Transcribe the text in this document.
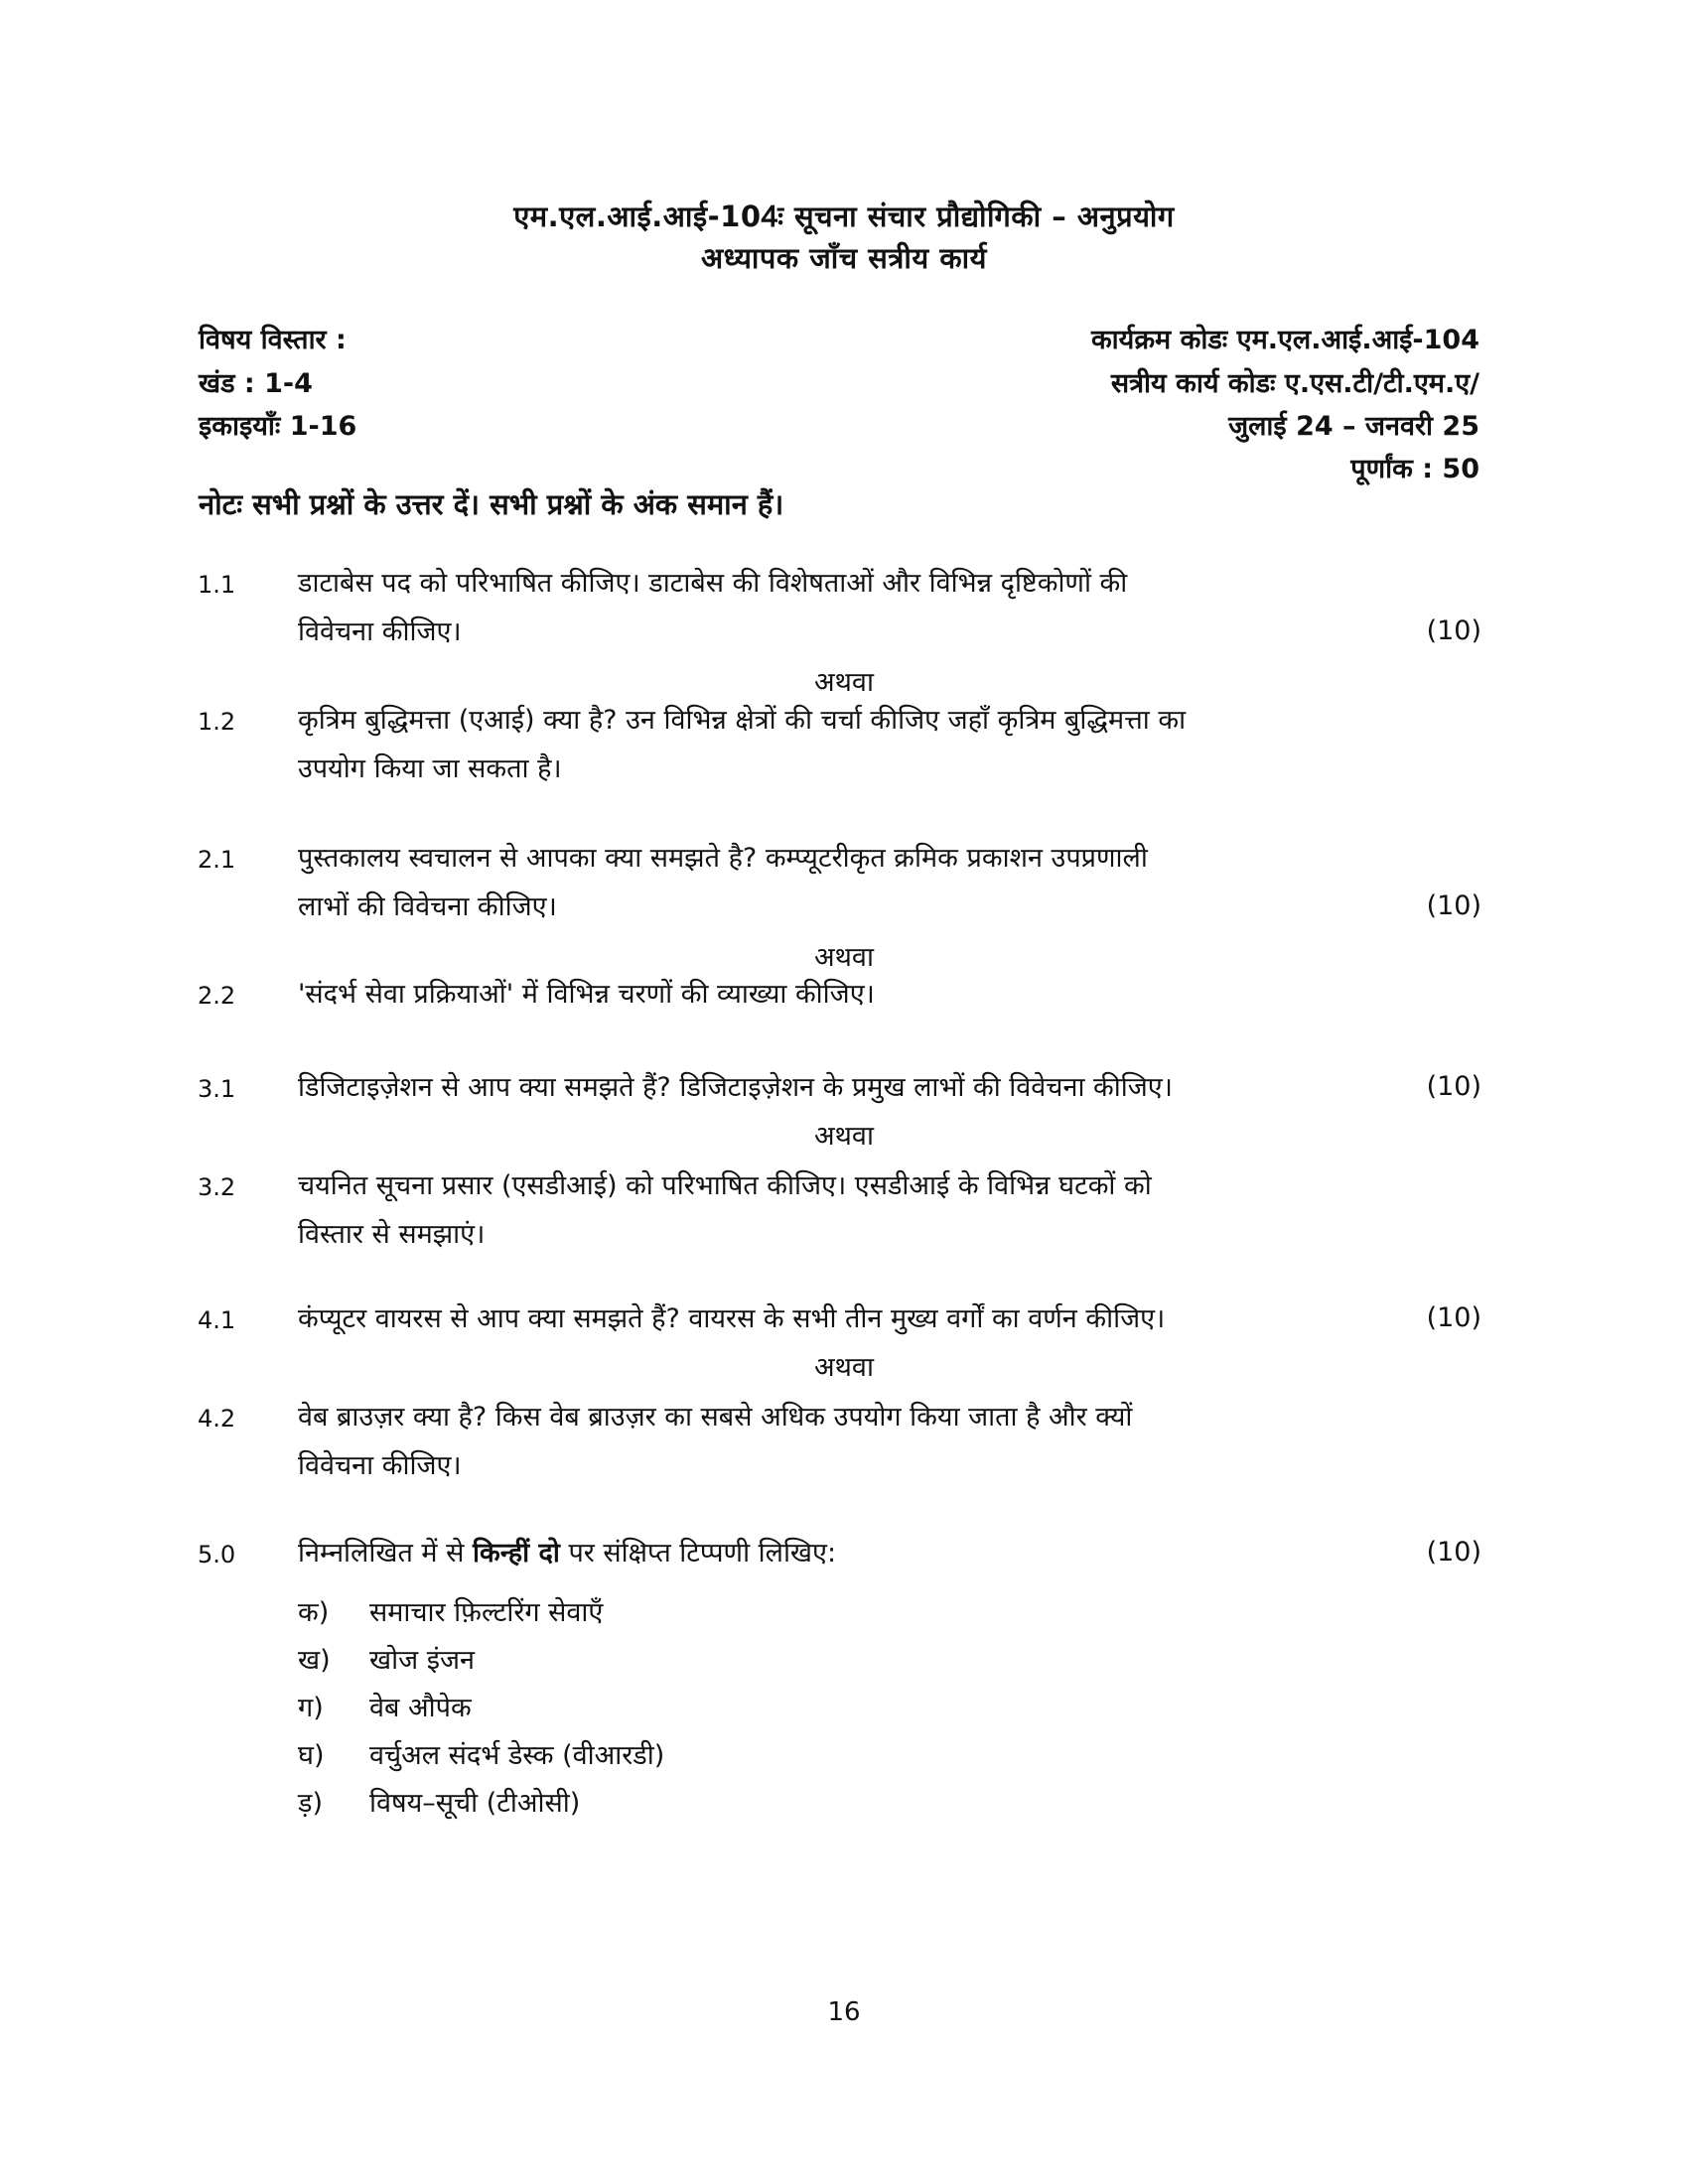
एम.एल.आई.आई-104ः सूचना संचार प्रौद्योगिकी – अनुप्रयोग
अध्यापक जाँच सत्रीय कार्य
विषय विस्तार :
खंड : 1-4
इकाइयाँः 1-16
कार्यक्रम कोडः एम.एल.आई.आई-104
सत्रीय कार्य कोडः ए.एस.टी/टी.एम.ए/
जुलाई 24 – जनवरी 25
पूर्णांक : 50
नोटः सभी प्रश्नों के उत्तर दें। सभी प्रश्नों के अंक समान हैं।
1.1	डाटाबेस पद को परिभाषित कीजिए। डाटाबेस की विशेषताओं और विभिन्न दृष्टिकोणों की
विवेचना कीजिए।	(10)
अथवा
1.2	कृत्रिम बुद्धिमत्ता (एआई) क्या है? उन विभिन्न क्षेत्रों की चर्चा कीजिए जहाँ कृत्रिम बुद्धिमत्ता का
उपयोग किया जा सकता है।
2.1	पुस्तकालय स्वचालन से आपका क्या समझते है? कम्प्यूटरीकृत क्रमिक प्रकाशन उपप्रणाली
लाभों की विवेचना कीजिए।	(10)
अथवा
2.2	'संदर्भ सेवा प्रक्रियाओं' में विभिन्न चरणों की व्याख्या कीजिए।
3.1	डिजिटाइज़ेशन से आप क्या समझते हैं? डिजिटाइज़ेशन के प्रमुख लाभों की विवेचना कीजिए।	(10)
अथवा
3.2	चयनित सूचना प्रसार (एसडीआई) को परिभाषित कीजिए। एसडीआई के विभिन्न घटकों को
विस्तार से समझाएं।
4.1	कंप्यूटर वायरस से आप क्या समझते हैं? वायरस के सभी तीन मुख्य वर्गों का वर्णन कीजिए।	(10)
अथवा
4.2	वेब ब्राउज़र क्या है? किस वेब ब्राउज़र का सबसे अधिक उपयोग किया जाता है और क्यों
विवेचना कीजिए।
5.0	निम्नलिखित में से किन्हीं दो पर संक्षिप्त टिप्पणी लिखिए:	(10)
क) समाचार फ़िल्टरिंग सेवाएँ
ख) खोज इंजन
ग) वेब औपेक
घ) वर्चुअल संदर्भ डेस्क (वीआरडी)
ड़) विषय–सूची (टीओसी)
16
